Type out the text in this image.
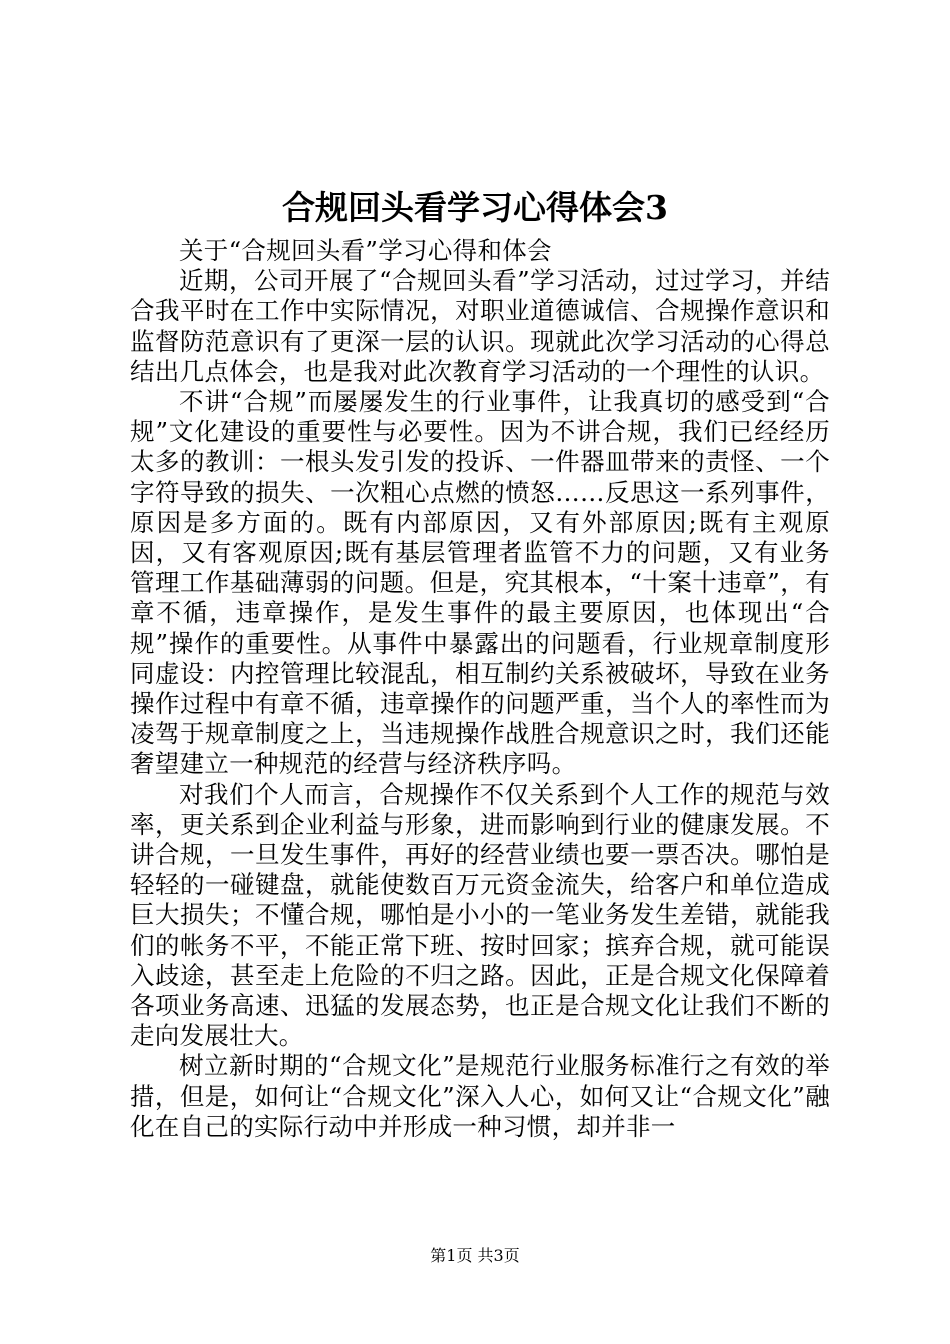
合规回头看学习心得体会3

关于“合规回头看”学习心得和体会

近期，公司开展了“合规回头看”学习活动，过过学习，并结合我平时在工作中实际情况，对职业道德诚信、合规操作意识和监督防范意识有了更深一层的认识。现就此次学习活动的心得总结出几点体会，也是我对此次教育学习活动的一个理性的认识。

不讲“合规”而屡屡发生的行业事件，让我真切的感受到“合规”文化建设的重要性与必要性。因为不讲合规，我们已经经历太多的教训：一根头发引发的投诉、一件器皿带来的责怪、一个字符导致的损失、一次粗心点燃的愤怒……反思这一系列事件，原因是多方面的。既有内部原因，又有外部原因;既有主观原因，又有客观原因;既有基层管理者监管不力的问题，又有业务管理工作基础薄弱的问题。但是，究其根本，“十案十违章”，有章不循，违章操作，是发生事件的最主要原因，也体现出“合规”操作的重要性。从事件中暴露出的问题看，行业规章制度形同虚设：内控管理比较混乱，相互制约关系被破坏，导致在业务操作过程中有章不循，违章操作的问题严重，当个人的率性而为凌驾于规章制度之上，当违规操作战胜合规意识之时，我们还能奢望建立一种规范的经营与经济秩序吗。

对我们个人而言，合规操作不仅关系到个人工作的规范与效率，更关系到企业利益与形象，进而影响到行业的健康发展。不讲合规，一旦发生事件，再好的经营业绩也要一票否决。哪怕是轻轻的一碰键盘，就能使数百万元资金流失，给客户和单位造成巨大损失；不懂合规，哪怕是小小的一笔业务发生差错，就能我们的帐务不平，不能正常下班、按时回家；摈弃合规，就可能误入歧途，甚至走上危险的不归之路。因此，正是合规文化保障着各项业务高速、迅猛的发展态势，也正是合规文化让我们不断的走向发展壮大。

树立新时期的“合规文化”是规范行业服务标准行之有效的举措，但是，如何让“合规文化”深入人心，如何又让“合规文化”融化在自己的实际行动中并形成一种习惯，却并非一

第1页 共3页
